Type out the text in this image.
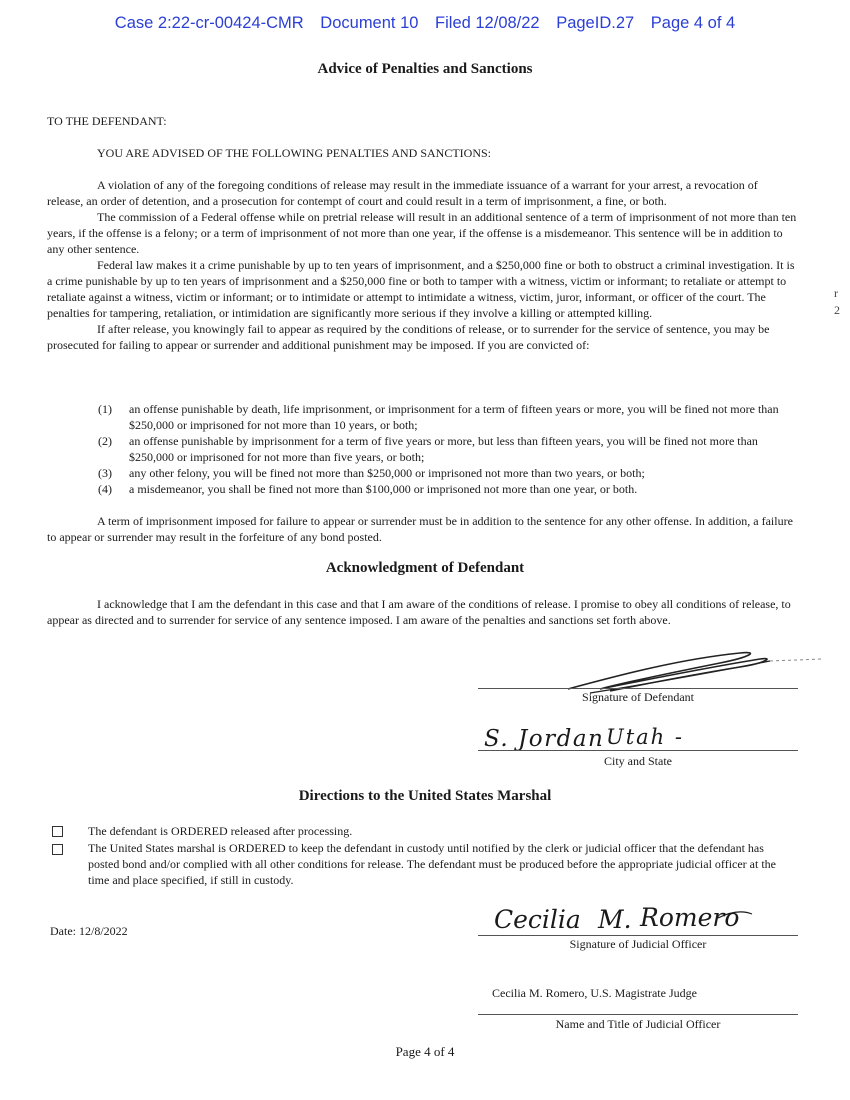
Case 2:22-cr-00424-CMR Document 10 Filed 12/08/22 PageID.27 Page 4 of 4
Advice of Penalties and Sanctions
TO THE DEFENDANT:
YOU ARE ADVISED OF THE FOLLOWING PENALTIES AND SANCTIONS:

A violation of any of the foregoing conditions of release may result in the immediate issuance of a warrant for your arrest, a revocation of release, an order of detention, and a prosecution for contempt of court and could result in a term of imprisonment, a fine, or both.

The commission of a Federal offense while on pretrial release will result in an additional sentence of a term of imprisonment of not more than ten years, if the offense is a felony; or a term of imprisonment of not more than one year, if the offense is a misdemeanor. This sentence will be in addition to any other sentence.

Federal law makes it a crime punishable by up to ten years of imprisonment, and a $250,000 fine or both to obstruct a criminal investigation. It is a crime punishable by up to ten years of imprisonment and a $250,000 fine or both to tamper with a witness, victim or informant; to retaliate or attempt to retaliate against a witness, victim or informant; or to intimidate or attempt to intimidate a witness, victim, juror, informant, or officer of the court. The penalties for tampering, retaliation, or intimidation are significantly more serious if they involve a killing or attempted killing.

If after release, you knowingly fail to appear as required by the conditions of release, or to surrender for the service of sentence, you may be prosecuted for failing to appear or surrender and additional punishment may be imposed. If you are convicted of:

(1)	an offense punishable by death, life imprisonment, or imprisonment for a term of fifteen years or more, you will be fined not more than $250,000 or imprisoned for not more than 10 years, or both;
(2)	an offense punishable by imprisonment for a term of five years or more, but less than fifteen years, you will be fined not more than $250,000 or imprisoned for not more than five years, or both;
(3)	any other felony, you will be fined not more than $250,000 or imprisoned not more than two years, or both;
(4)	a misdemeanor, you shall be fined not more than $100,000 or imprisoned not more than one year, or both.

A term of imprisonment imposed for failure to appear or surrender must be in addition to the sentence for any other offense. In addition, a failure to appear or surrender may result in the forfeiture of any bond posted.

r
2
Acknowledgment of Defendant

I acknowledge that I am the defendant in this case and that I am aware of the conditions of release. I promise to obey all conditions of release, to appear as directed and to surrender for service of any sentence imposed. I am aware of the penalties and sanctions set forth above.

Signature of Defendant
S. Jordan Utah -
City and State
Directions to the United States Marshal
The defendant is ORDERED released after processing.
The United States marshal is ORDERED to keep the defendant in custody until notified by the clerk or judicial officer that the defendant has posted bond and/or complied with all other conditions for release. The defendant must be produced before the appropriate judicial officer at the time and place specified, if still in custody.
Date: 12/8/2022	Cecilia M. Romero
Signature of Judicial Officer
Cecilia M. Romero, U.S. Magistrate Judge
Name and Title of Judicial Officer
Page 4 of 4
